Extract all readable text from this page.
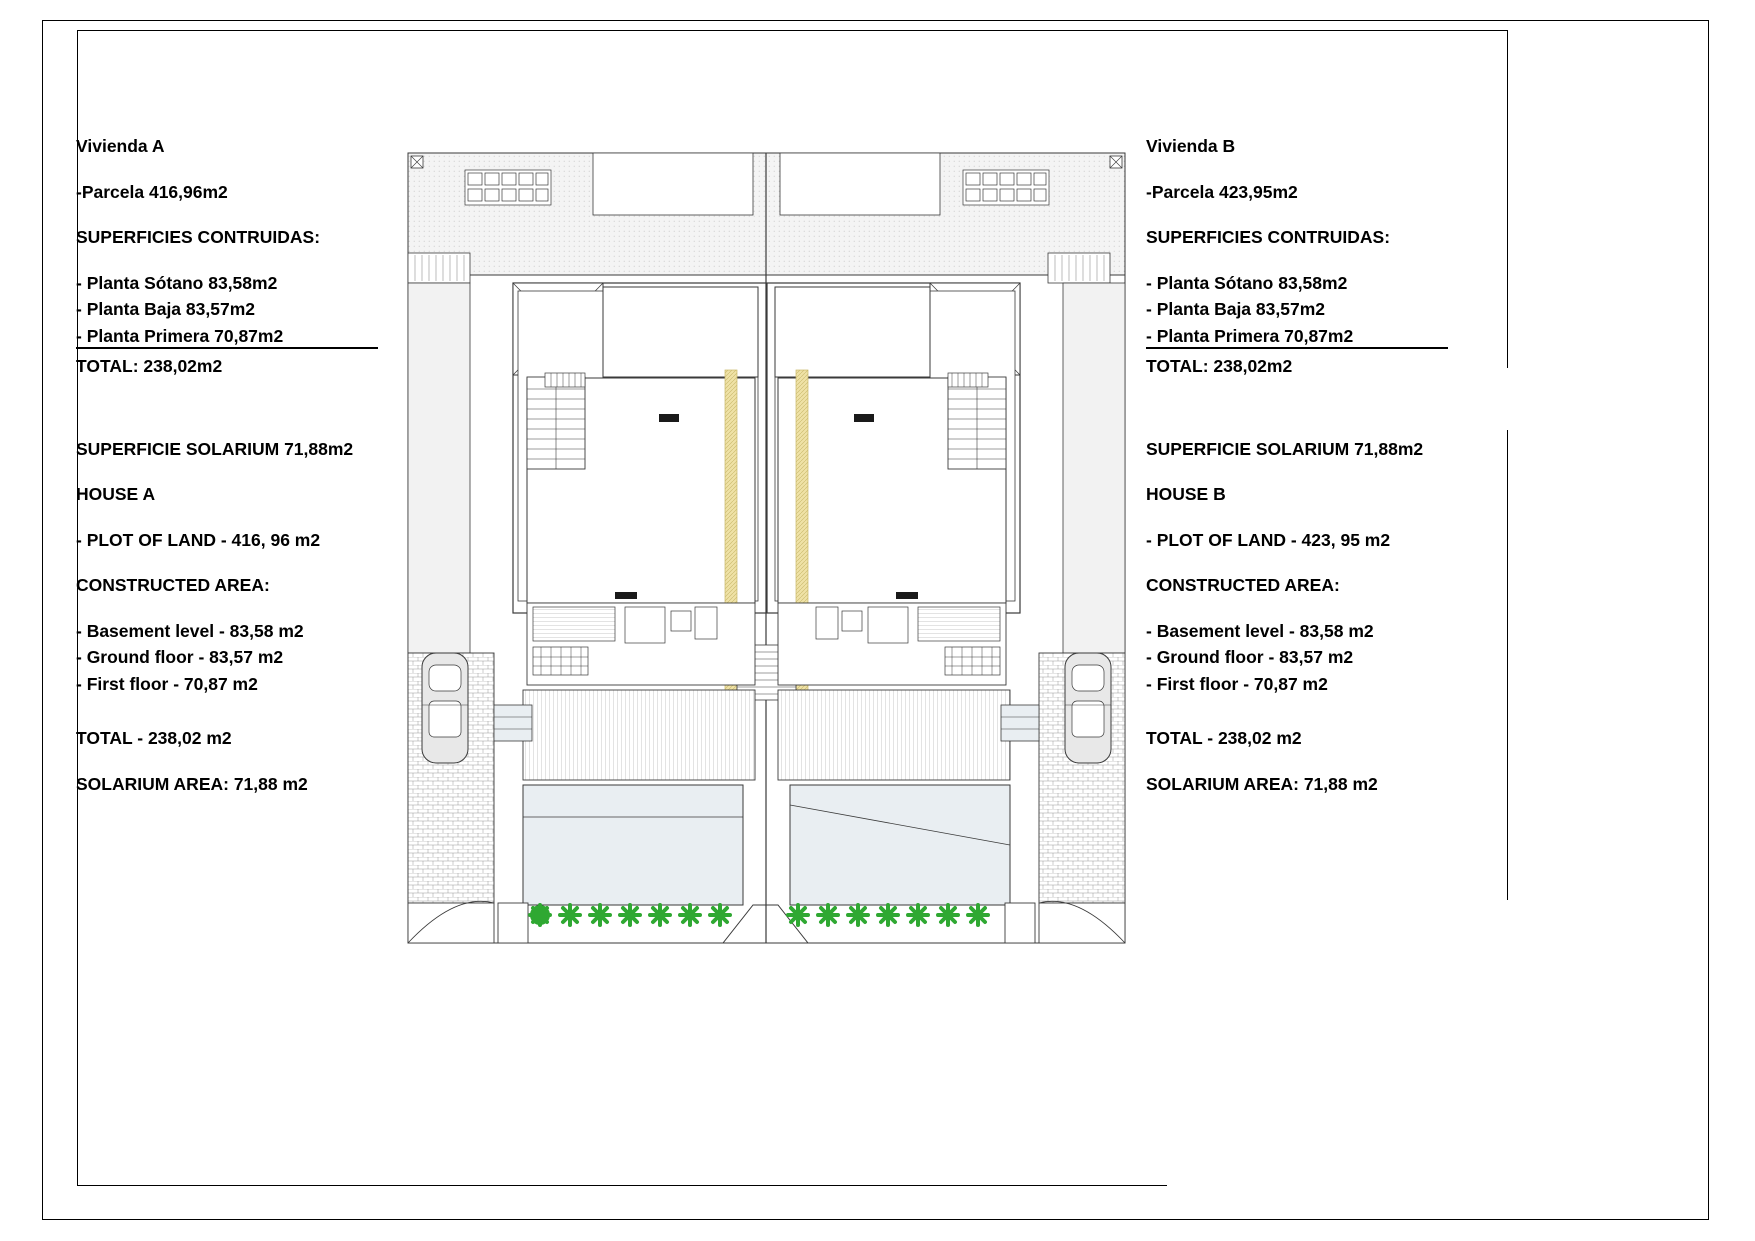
Vivienda A

-Parcela 416,96m2

SUPERFICIES CONTRUIDAS:

- Planta Sótano 83,58m2

- Planta Baja 83,57m2

- Planta Primera 70,87m2

TOTAL: 238,02m2

SUPERFICIE SOLARIUM 71,88m2

HOUSE A

- PLOT OF LAND - 416, 96 m2

CONSTRUCTED AREA:

- Basement level - 83,58 m2

- Ground floor - 83,57 m2

- First floor - 70,87 m2

TOTAL - 238,02 m2

SOLARIUM AREA: 71,88 m2

Vivienda B

-Parcela 423,95m2

SUPERFICIES CONTRUIDAS:

- Planta Sótano 83,58m2

- Planta Baja 83,57m2

- Planta Primera 70,87m2

TOTAL: 238,02m2

SUPERFICIE SOLARIUM 71,88m2

HOUSE B

- PLOT OF LAND - 423, 95 m2

CONSTRUCTED AREA:

- Basement level - 83,58 m2

- Ground floor - 83,57 m2

- First floor - 70,87 m2

TOTAL - 238,02 m2

SOLARIUM AREA: 71,88 m2
